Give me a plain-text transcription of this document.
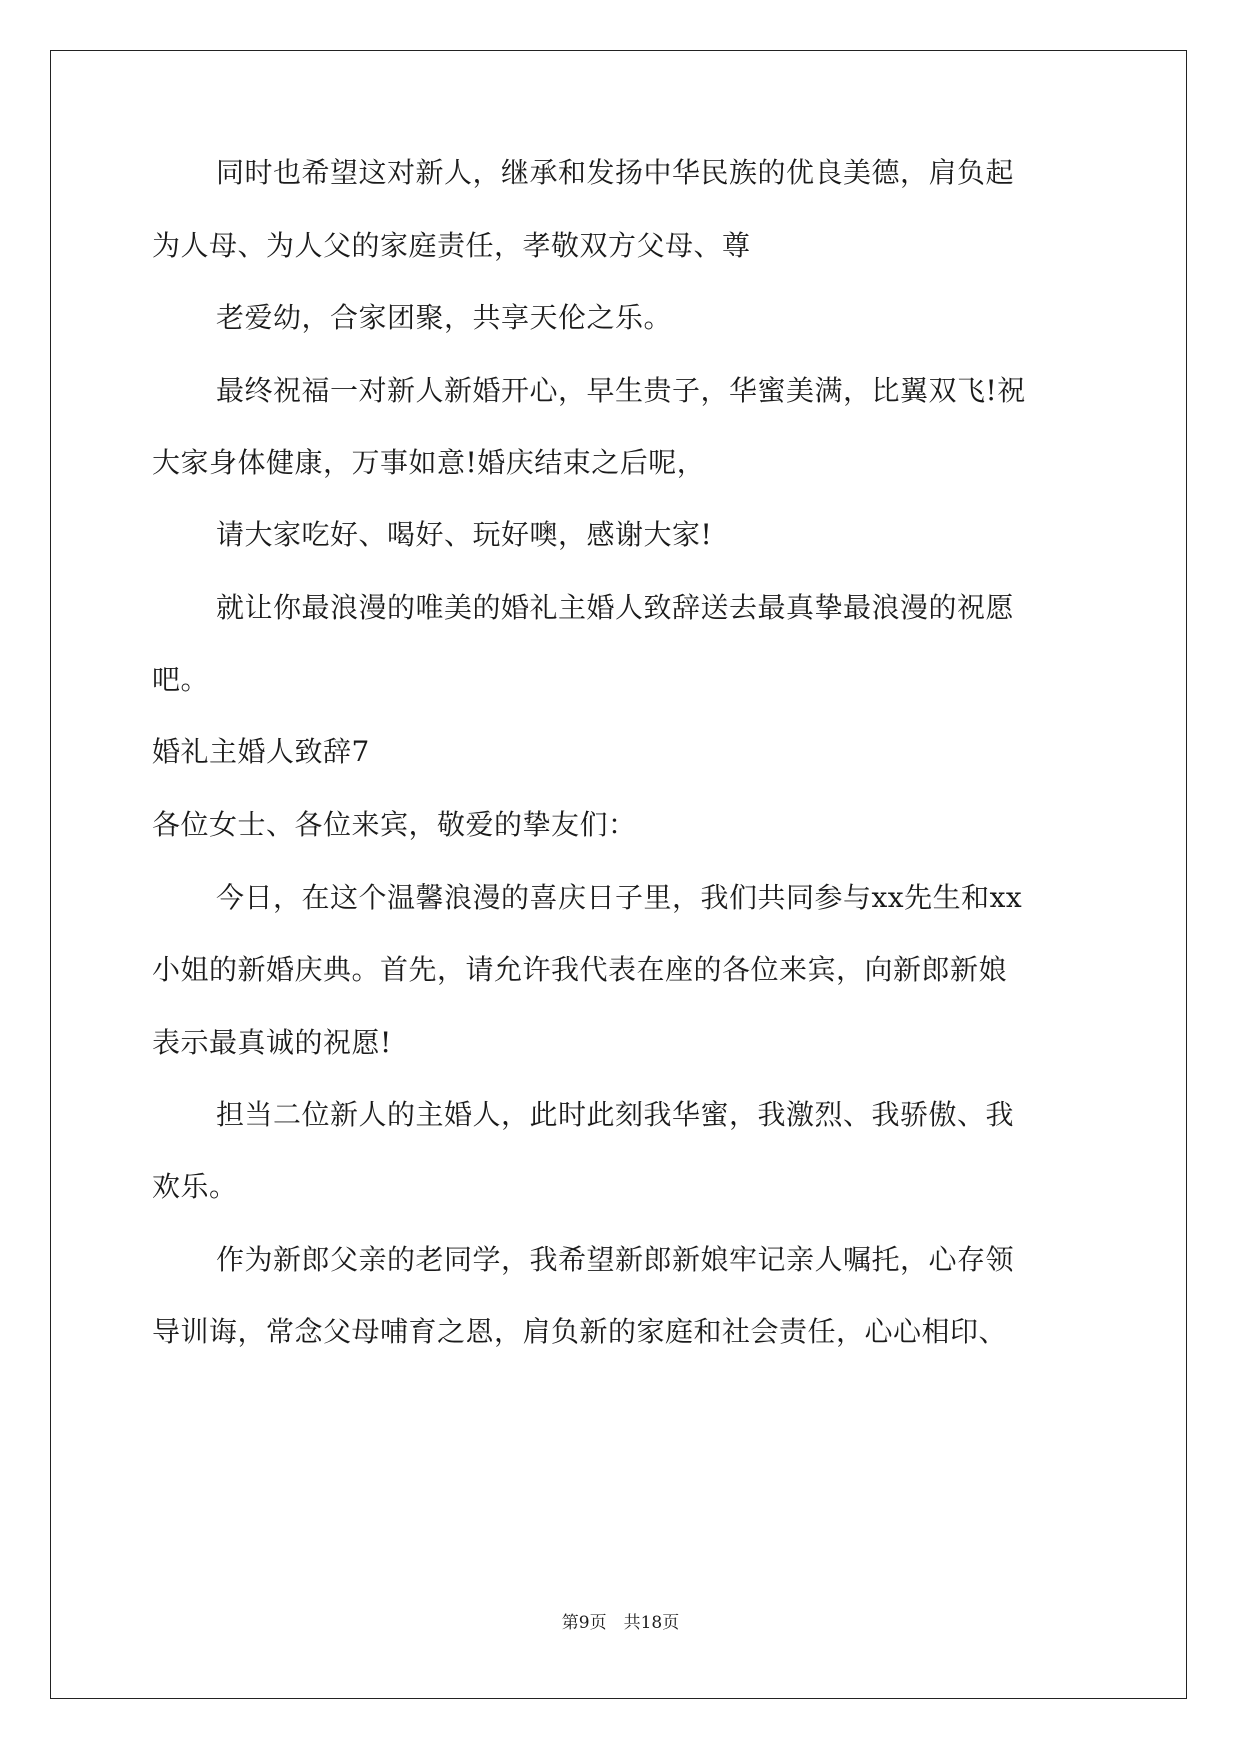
同时也希望这对新人，继承和发扬中华民族的优良美德，肩负起
为人母、为人父的家庭责任，孝敬双方父母、尊
老爱幼，合家团聚，共享天伦之乐。
最终祝福一对新人新婚开心，早生贵子，华蜜美满，比翼双飞!祝
大家身体健康，万事如意!婚庆结束之后呢，
请大家吃好、喝好、玩好噢，感谢大家!
就让你最浪漫的唯美的婚礼主婚人致辞送去最真挚最浪漫的祝愿
吧。
婚礼主婚人致辞7
各位女士、各位来宾，敬爱的挚友们：
今日，在这个温馨浪漫的喜庆日子里，我们共同参与xx先生和xx
小姐的新婚庆典。首先，请允许我代表在座的各位来宾，向新郎新娘
表示最真诚的祝愿!
担当二位新人的主婚人，此时此刻我华蜜，我激烈、我骄傲、我
欢乐。
作为新郎父亲的老同学，我希望新郎新娘牢记亲人嘱托，心存领
导训诲，常念父母哺育之恩，肩负新的家庭和社会责任，心心相印、
第9页　共18页
